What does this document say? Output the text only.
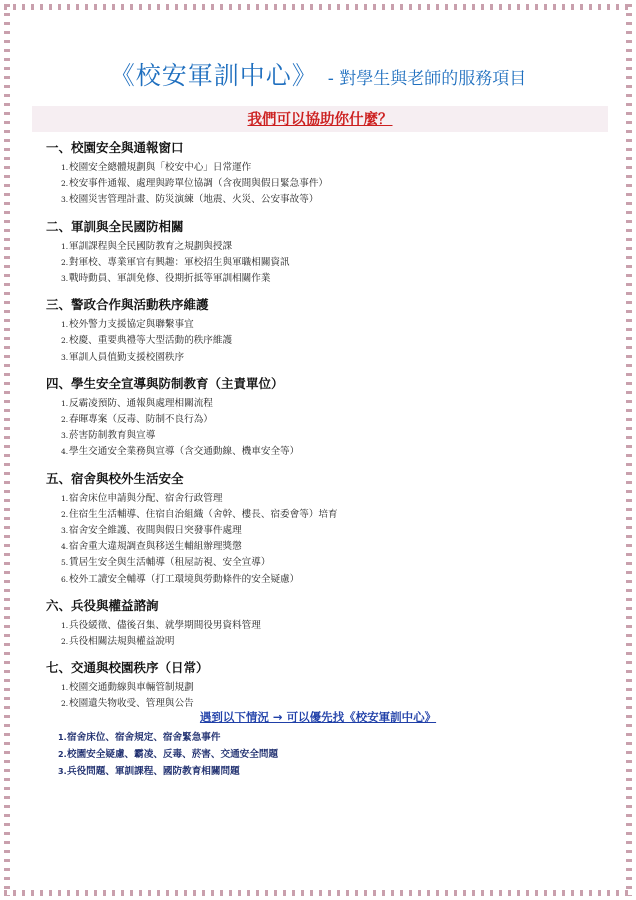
《校安軍訓中心》 - 對學生與老師的服務項目
我們可以協助你什麼？
一、校園安全與通報窗口
1.校園安全總體規劃與「校安中心」日常運作
2.校安事件通報、處理與跨單位協調（含夜間與假日緊急事件）
3.校園災害管理計畫、防災演練（地震、火災、公安事故等）
二、軍訓與全民國防相關
1.軍訓課程與全民國防教育之規劃與授課
2.對軍校、專業軍官有興趣：軍校招生與軍職相關資訊
3.戰時動員、軍訓免修、役期折抵等軍訓相關作業
三、警政合作與活動秩序維護
1.校外警力支援協定與聯繫事宜
2.校慶、重要典禮等大型活動的秩序維護
3.軍訓人員值勤支援校園秩序
四、學生安全宣導與防制教育（主責單位）
1.反霸凌預防、通報與處理相關流程
2.春暉專案（反毒、防制不良行為）
3.菸害防制教育與宣導
4.學生交通安全業務與宣導（含交通動線、機車安全等）
五、宿舍與校外生活安全
1.宿舍床位申請與分配、宿舍行政管理
2.住宿生生活輔導、住宿自治組織（舍幹、樓長、宿委會等）培育
3.宿舍安全維護、夜間與假日突發事件處理
4.宿舍重大違規調查與移送生輔組辦理獎懲
5.賃居生安全與生活輔導（租屋訪視、安全宣導）
6.校外工讀安全輔導（打工環境與勞動條件的安全疑慮）
六、兵役與權益諮詢
1.兵役緩徵、儘後召集、就學期間役男資料管理
2.兵役相關法規與權益說明
七、交通與校園秩序（日常）
1.校園交通動線與車輛管制規劃
2.校園遺失物收受、管理與公告
遇到以下情況 → 可以優先找《校安軍訓中心》
1.宿舍床位、宿舍規定、宿舍緊急事件
2.校園安全疑慮、霸凌、反毒、菸害、交通安全問題
3.兵役問題、軍訓課程、國防教育相關問題
